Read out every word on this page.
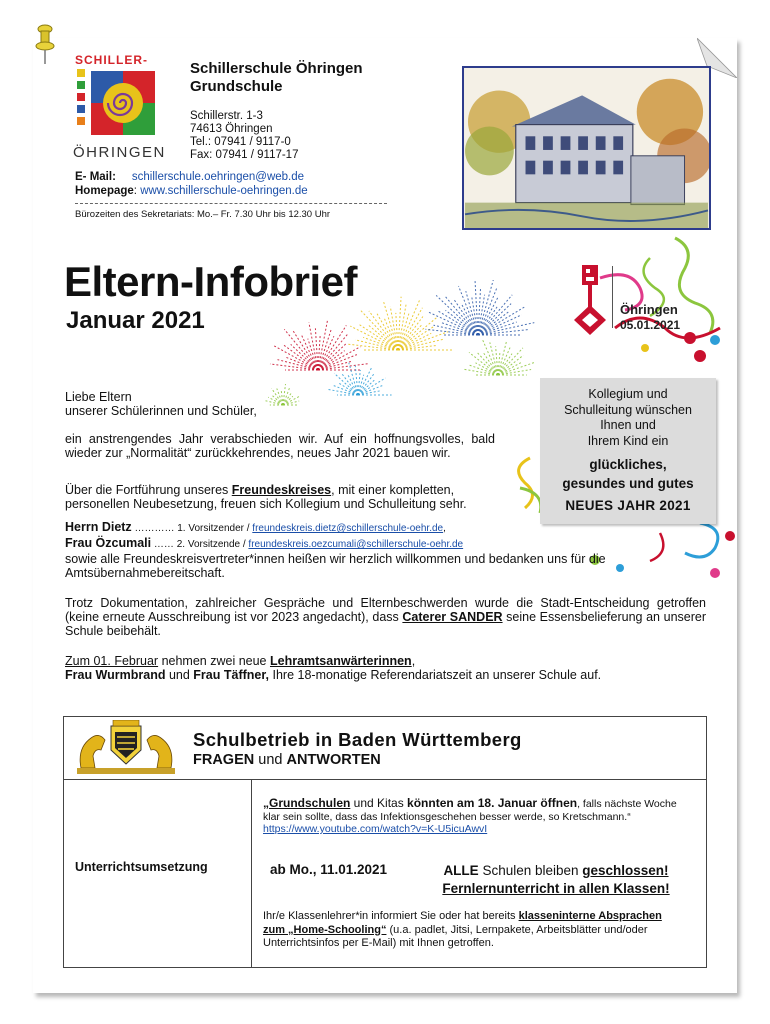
SCHILLER-
ÖHRINGEN
Schillerschule Öhringen
Grundschule
Schillerstr. 1-3
74613 Öhringen
Tel.: 07941 / 9117-0
Fax: 07941 / 9117-17
E- Mail: schillerschule.oehringen@web.de
Homepage: www.schillerschule-oehringen.de
Bürozeiten des Sekretariats: Mo.– Fr. 7.30 Uhr bis 12.30 Uhr
Eltern-Infobrief
Januar 2021	Öhringen
05.01.2021
Kollegium und
Schulleitung wünschen
Ihnen und
Ihrem Kind ein
glückliches,
gesundes und gutes
NEUES JAHR 2021
Liebe Eltern
unserer Schülerinnen und Schüler,
ein anstrengendes Jahr verabschieden wir. Auf ein hoffnungsvolles, bald wieder zur „Normalität“ zurückkehrendes, neues Jahr 2021 bauen wir.
Über die Fortführung unseres Freundeskreises, mit einer kompletten, personellen Neubesetzung, freuen sich Kollegium und Schulleitung sehr.
Herrn Dietz ………… 1. Vorsitzender / freundeskreis.dietz@schillerschule-oehr.de,
Frau Özcumali …… 2. Vorsitzende / freundeskreis.oezcumali@schillerschule-oehr.de
sowie alle Freundeskreisvertreter*innen heißen wir herzlich willkommen und bedanken uns für die Amtsübernahmebereitschaft.
Trotz Dokumentation, zahlreicher Gespräche und Elternbeschwerden wurde die Stadt-Entscheidung getroffen (keine erneute Ausschreibung ist vor 2023 angedacht), dass Caterer SANDER seine Essensbelieferung an unserer Schule beibehält.
Zum 01. Februar nehmen zwei neue Lehramtsanwärterinnen,
Frau Wurmbrand und Frau Täffner, Ihre 18-monatige Referendariatszeit an unserer Schule auf.
Schulbetrieb in Baden Württemberg
FRAGEN und ANTWORTEN
Unterrichtsumsetzung
„Grundschulen und Kitas könnten am 18. Januar öffnen, falls nächste Woche klar sein sollte, dass das Infektionsgeschehen besser werde, so Kretschmann.“ https://www.youtube.com/watch?v=K-U5icuAwvI
ab Mo., 11.01.2021	ALLE Schulen bleiben geschlossen!
Fernlernunterricht in allen Klassen!
Ihr/e Klassenlehrer*in informiert Sie oder hat bereits klasseninterne Absprachen zum „Home-Schooling“ (u.a. padlet, Jitsi, Lernpakete, Arbeitsblätter und/oder Unterrichtsinfos per E-Mail) mit Ihnen getroffen.
